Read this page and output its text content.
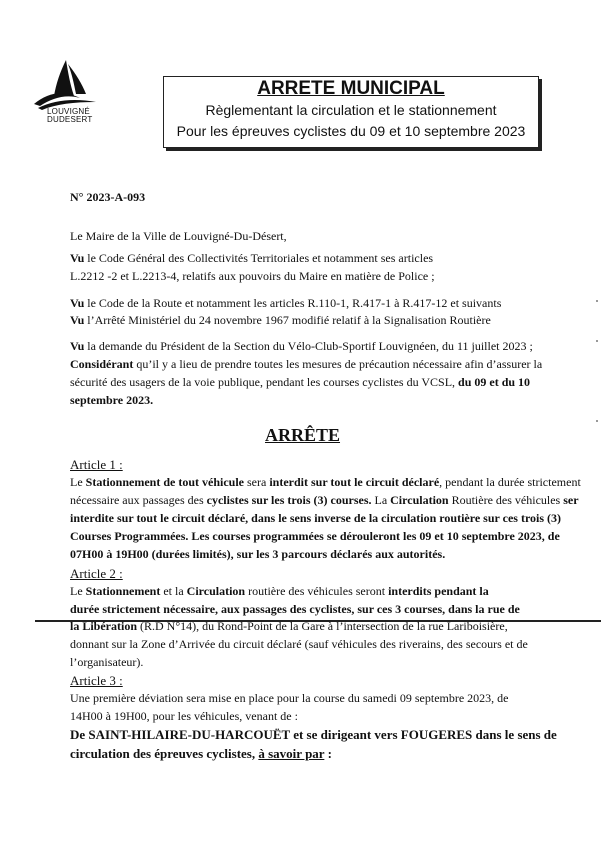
LOUVIGNÉ
DUDESERT
ARRETE MUNICIPAL
Règlementant la circulation et le stationnement
Pour les épreuves cyclistes du 09 et 10 septembre 2023
N° 2023-A-093
Le Maire de la Ville de Louvigné-Du-Désert,
Vu le Code Général des Collectivités Territoriales et notamment ses articles
L.2212 -2 et L.2213-4, relatifs aux pouvoirs du Maire en matière de Police ;
Vu le Code de la Route et notamment les articles R.110-1, R.417-1 à R.417-12 et suivants
Vu l’Arrêté Ministériel du 24 novembre 1967 modifié relatif à la Signalisation Routière
Vu la demande du Président de la Section du Vélo-Club-Sportif Louvignéen, du 11 juillet 2023 ;
Considérant qu’il y a lieu de prendre toutes les mesures de précaution nécessaire afin d’assurer la
sécurité des usagers de la voie publique, pendant les courses cyclistes du VCSL, du 09 et du 10
septembre 2023.
ARRÊTE
Article 1 :
Le Stationnement de tout véhicule sera interdit sur tout le circuit déclaré, pendant la durée strictement
nécessaire aux passages des cyclistes sur les trois (3) courses. La Circulation Routière des véhicules ser
interdite sur tout le circuit déclaré, dans le sens inverse de la circulation routière sur ces trois (3)
Courses Programmées. Les courses programmées se dérouleront les 09 et 10 septembre 2023, de
07H00 à 19H00 (durées limités), sur les 3 parcours déclarés aux autorités.
Article 2 :
Le Stationnement et la Circulation routière des véhicules seront interdits pendant la
durée strictement nécessaire, aux passages des cyclistes, sur ces 3 courses, dans la rue de
la Libération (R.D N°14), du Rond-Point de la Gare à l’intersection de la rue Lariboisière,
donnant sur la Zone d’Arrivée du circuit déclaré (sauf véhicules des riverains, des secours et de
l’organisateur).
Article 3 :
Une première déviation sera mise en place pour la course du samedi 09 septembre 2023, de
14H00 à 19H00, pour les véhicules, venant de :
De SAINT-HILAIRE-DU-HARCOUËT et se dirigeant vers FOUGERES dans le sens de
circulation des épreuves cyclistes, à savoir par :
